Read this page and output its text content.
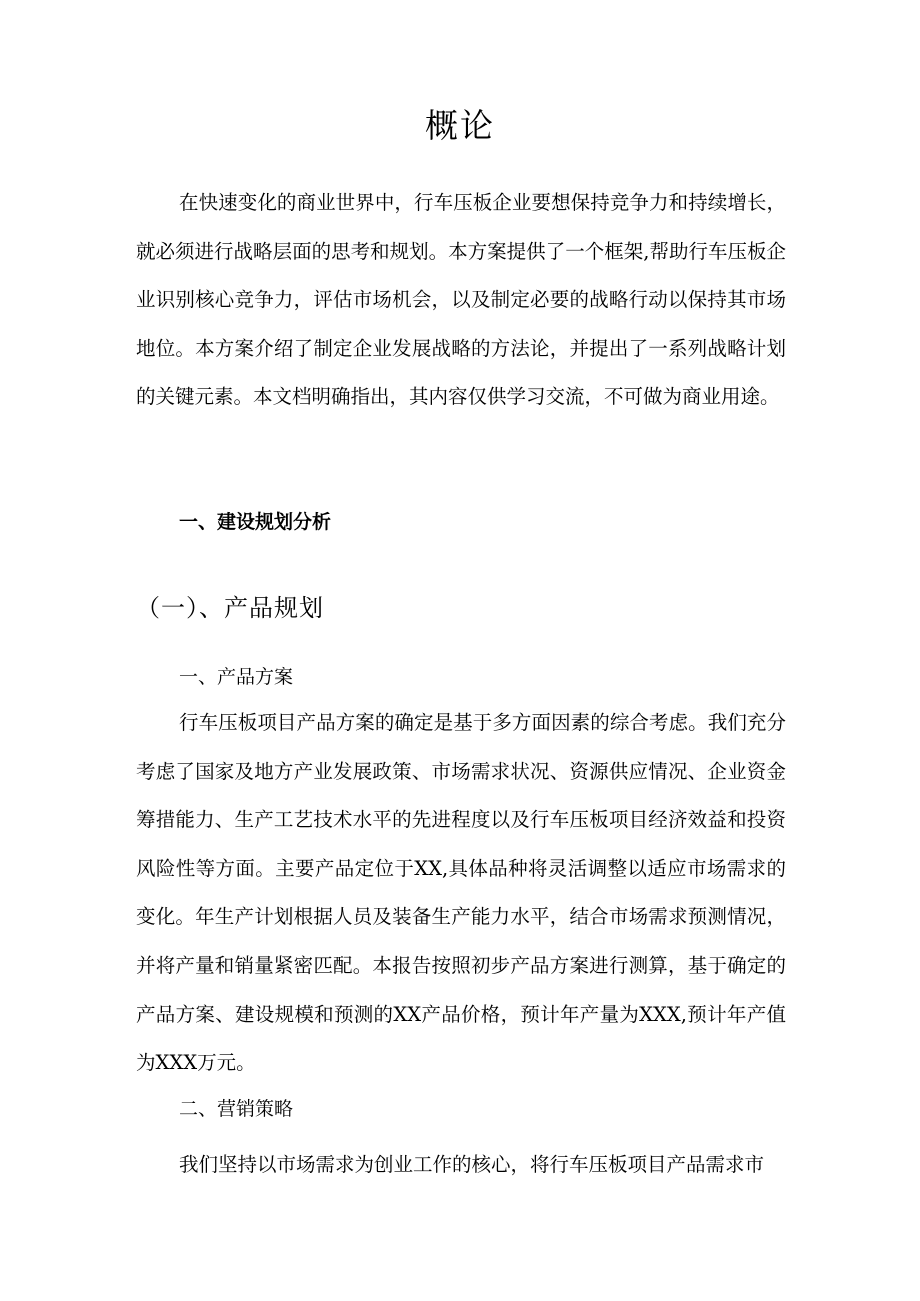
概论

在快速变化的商业世界中，行车压板企业要想保持竞争力和持续增长，就必须进行战略层面的思考和规划。本方案提供了一个框架,帮助行车压板企业识别核心竞争力，评估市场机会，以及制定必要的战略行动以保持其市场地位。本方案介绍了制定企业发展战略的方法论，并提出了一系列战略计划的关键元素。本文档明确指出，其内容仅供学习交流，不可做为商业用途。

一、建设规划分析
（一）、产品规划
一、产品方案

行车压板项目产品方案的确定是基于多方面因素的综合考虑。我们充分考虑了国家及地方产业发展政策、市场需求状况、资源供应情况、企业资金筹措能力、生产工艺技术水平的先进程度以及行车压板项目经济效益和投资风险性等方面。主要产品定位于XX,具体品种将灵活调整以适应市场需求的变化。年生产计划根据人员及装备生产能力水平，结合市场需求预测情况，并将产量和销量紧密匹配。本报告按照初步产品方案进行测算，基于确定的产品方案、建设规模和预测的XX产品价格，预计年产量为XXX,预计年产值为XXX万元。

二、营销策略

我们坚持以市场需求为创业工作的核心，将行车压板项目产品需求市
